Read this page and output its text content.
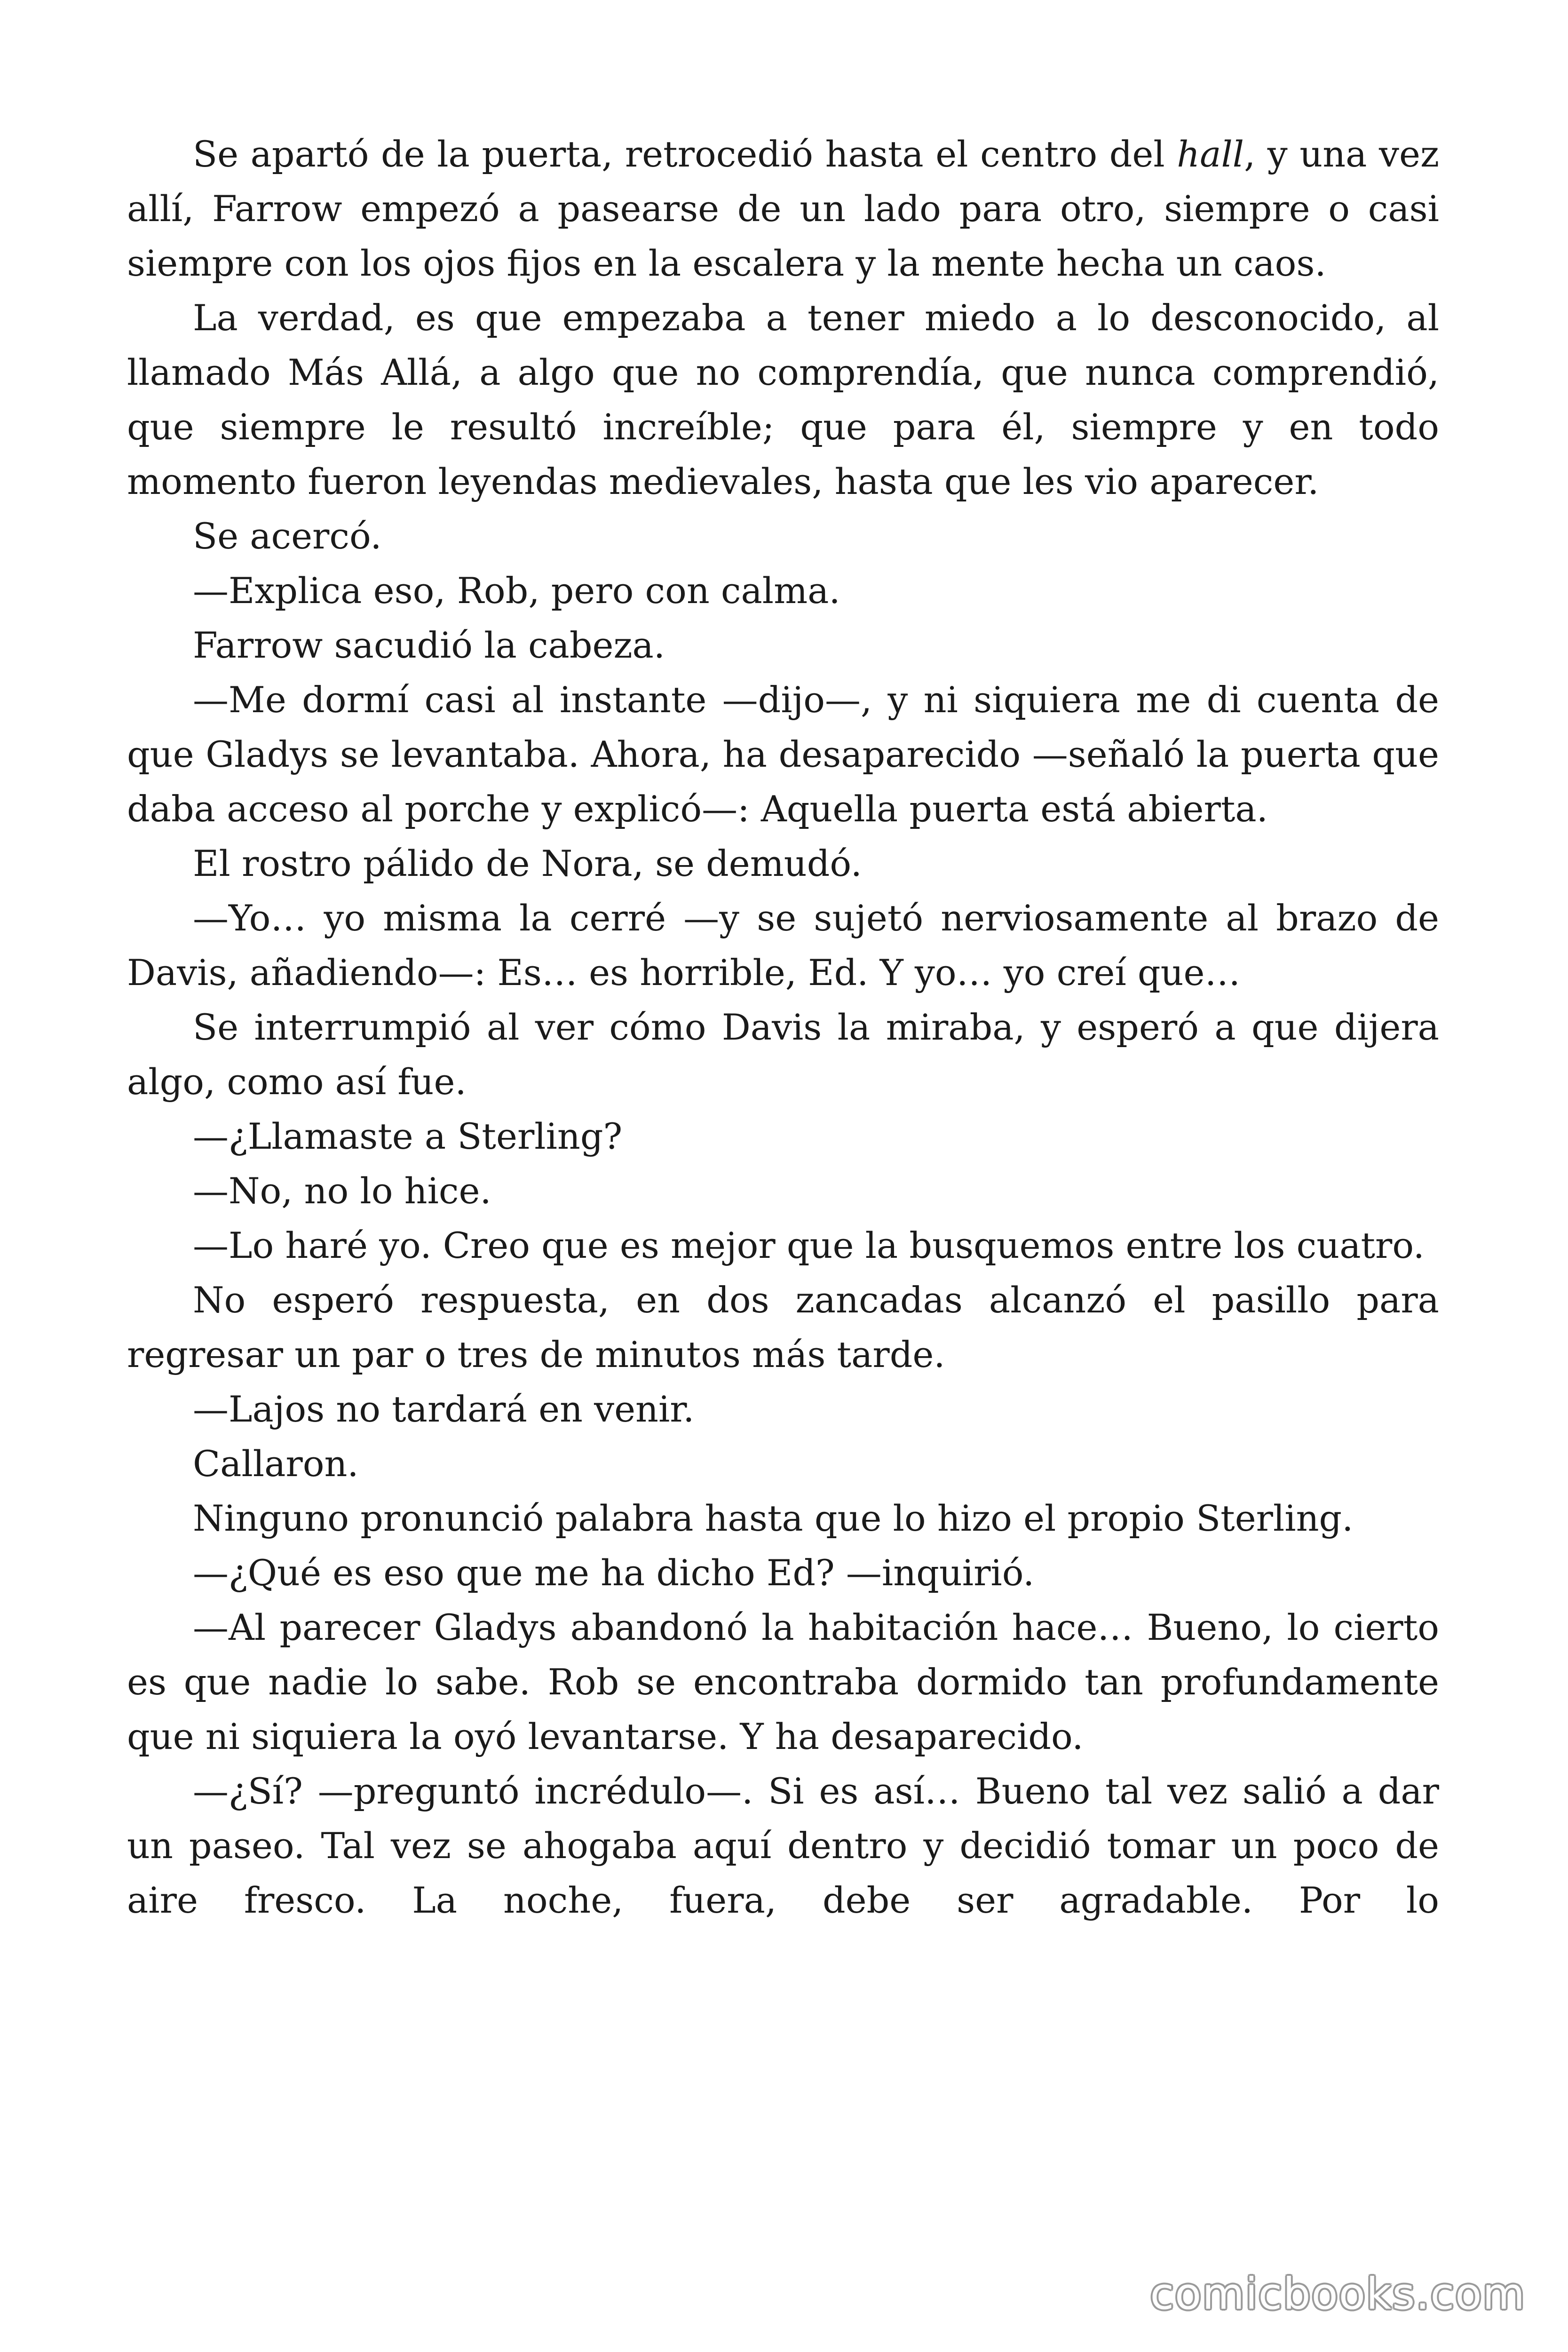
Se apartó de la puerta, retrocedió hasta el centro del hall, y una vez allí, Farrow empezó a pasearse de un lado para otro, siempre o casi siempre con los ojos fijos en la escalera y la mente hecha un caos.

La verdad, es que empezaba a tener miedo a lo desconocido, al llamado Más Allá, a algo que no comprendía, que nunca comprendió, que siempre le resultó increíble; que para él, siempre y en todo momento fueron leyendas medievales, hasta que les vio aparecer.

Se acercó.

—Explica eso, Rob, pero con calma.

Farrow sacudió la cabeza.

—Me dormí casi al instante —dijo—, y ni siquiera me di cuenta de que Gladys se levantaba. Ahora, ha desaparecido —señaló la puerta que daba acceso al porche y explicó—: Aquella puerta está abierta.

El rostro pálido de Nora, se demudó.

—Yo… yo misma la cerré —y se sujetó nerviosamente al brazo de Davis, añadiendo—: Es… es horrible, Ed. Y yo… yo creí que…

Se interrumpió al ver cómo Davis la miraba, y esperó a que dijera algo, como así fue.

—¿Llamaste a Sterling?

—No, no lo hice.

—Lo haré yo. Creo que es mejor que la busquemos entre los cuatro.

No esperó respuesta, en dos zancadas alcanzó el pasillo para regresar un par o tres de minutos más tarde.

—Lajos no tardará en venir.

Callaron.

Ninguno pronunció palabra hasta que lo hizo el propio Sterling.

—¿Qué es eso que me ha dicho Ed? —inquirió.

—Al parecer Gladys abandonó la habitación hace… Bueno, lo cierto es que nadie lo sabe. Rob se encontraba dormido tan profundamente que ni siquiera la oyó levantarse. Y ha desaparecido.

—¿Sí? —preguntó incrédulo—. Si es así… Bueno tal vez salió a dar un paseo. Tal vez se ahogaba aquí dentro y decidió tomar un poco de aire fresco. La noche, fuera, debe ser agradable. Por lo

comicbooks.com
